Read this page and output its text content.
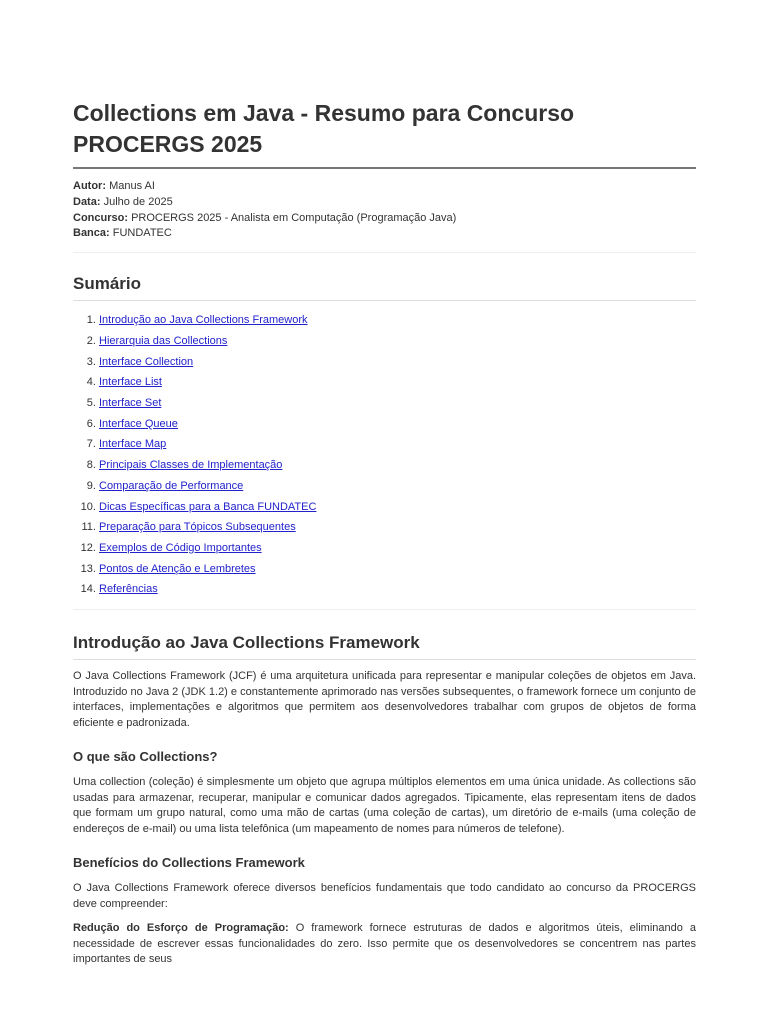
Collections em Java - Resumo para Concurso PROCERGS 2025
Autor: Manus AI
Data: Julho de 2025
Concurso: PROCERGS 2025 - Analista em Computação (Programação Java)
Banca: FUNDATEC
Sumário
1. Introdução ao Java Collections Framework
2. Hierarquia das Collections
3. Interface Collection
4. Interface List
5. Interface Set
6. Interface Queue
7. Interface Map
8. Principais Classes de Implementação
9. Comparação de Performance
10. Dicas Específicas para a Banca FUNDATEC
11. Preparação para Tópicos Subsequentes
12. Exemplos de Código Importantes
13. Pontos de Atenção e Lembretes
14. Referências
Introdução ao Java Collections Framework

O Java Collections Framework (JCF) é uma arquitetura unificada para representar e manipular coleções de objetos em Java. Introduzido no Java 2 (JDK 1.2) e constantemente aprimorado nas versões subsequentes, o framework fornece um conjunto de interfaces, implementações e algoritmos que permitem aos desenvolvedores trabalhar com grupos de objetos de forma eficiente e padronizada.

O que são Collections?

Uma collection (coleção) é simplesmente um objeto que agrupa múltiplos elementos em uma única unidade. As collections são usadas para armazenar, recuperar, manipular e comunicar dados agregados. Tipicamente, elas representam itens de dados que formam um grupo natural, como uma mão de cartas (uma coleção de cartas), um diretório de e-mails (uma coleção de endereços de e-mail) ou uma lista telefônica (um mapeamento de nomes para números de telefone).

Benefícios do Collections Framework

O Java Collections Framework oferece diversos benefícios fundamentais que todo candidato ao concurso da PROCERGS deve compreender:

Redução do Esforço de Programação: O framework fornece estruturas de dados e algoritmos úteis, eliminando a necessidade de escrever essas funcionalidades do zero. Isso permite que os desenvolvedores se concentrem nas partes importantes de seus
